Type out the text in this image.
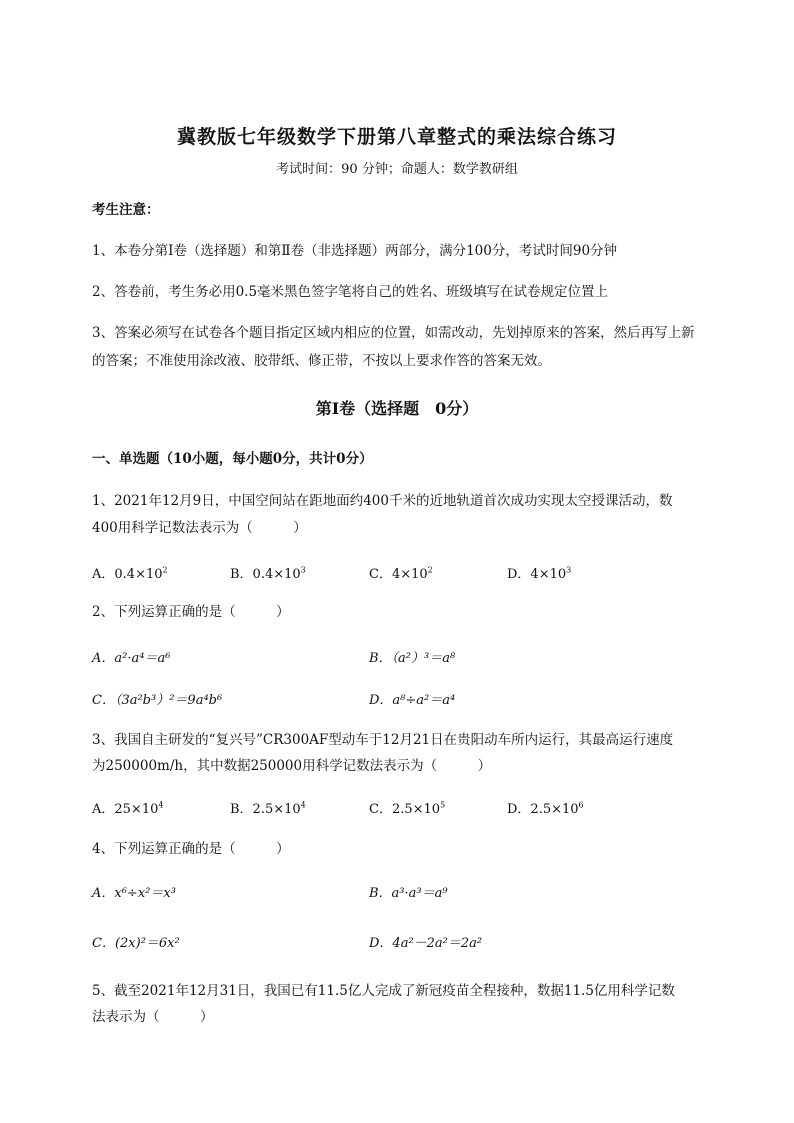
冀教版七年级数学下册第八章整式的乘法综合练习
考试时间：90 分钟；命题人：数学教研组
考生注意：
1、本卷分第Ⅰ卷（选择题）和第Ⅱ卷（非选择题）两部分，满分100分，考试时间90分钟
2、答卷前，考生务必用0.5毫米黑色签字笔将自己的姓名、班级填写在试卷规定位置上
3、答案必须写在试卷各个题目指定区域内相应的位置，如需改动，先划掉原来的答案，然后再写上新
的答案；不准使用涂改液、胶带纸、修正带，不按以上要求作答的答案无效。
第Ⅰ卷（选择题　0分）
一、单选题（10小题，每小题0分，共计0分）
1、2021年12月9日，中国空间站在距地面约400千米的近地轨道首次成功实现太空授课活动，数
400用科学记数法表示为（　　　）
A．$0.4\times 10^2$	B．$0.4\times 10^3$	C．$4\times 10^2$	D．$4\times 10^3$
2、下列运算正确的是（　　　）
A．a²·a⁴＝a⁶	B．（a²）³＝a⁸
C．（3a²b³）²＝9a⁴b⁶	D．a⁸÷a²＝a⁴
3、我国自主研发的“复兴号”CR300AF型动车于12月21日在贵阳动车所内运行，其最高运行速度
为250000m/h，其中数据250000用科学记数法表示为（　　　）
A．$25\times 10^4$	B．$2.5\times 10^4$	C．$2.5\times 10^5$	D．$2.5\times 10^6$
4、下列运算正确的是（　　　）
A．x⁶÷x²＝x³	B．a³·a³＝a⁹
C．(2x)²＝6x²	D．4a²－2a²＝2a²
5、截至2021年12月31日，我国已有11.5亿人完成了新冠疫苗全程接种，数据11.5亿用科学记数
法表示为（　　　）
